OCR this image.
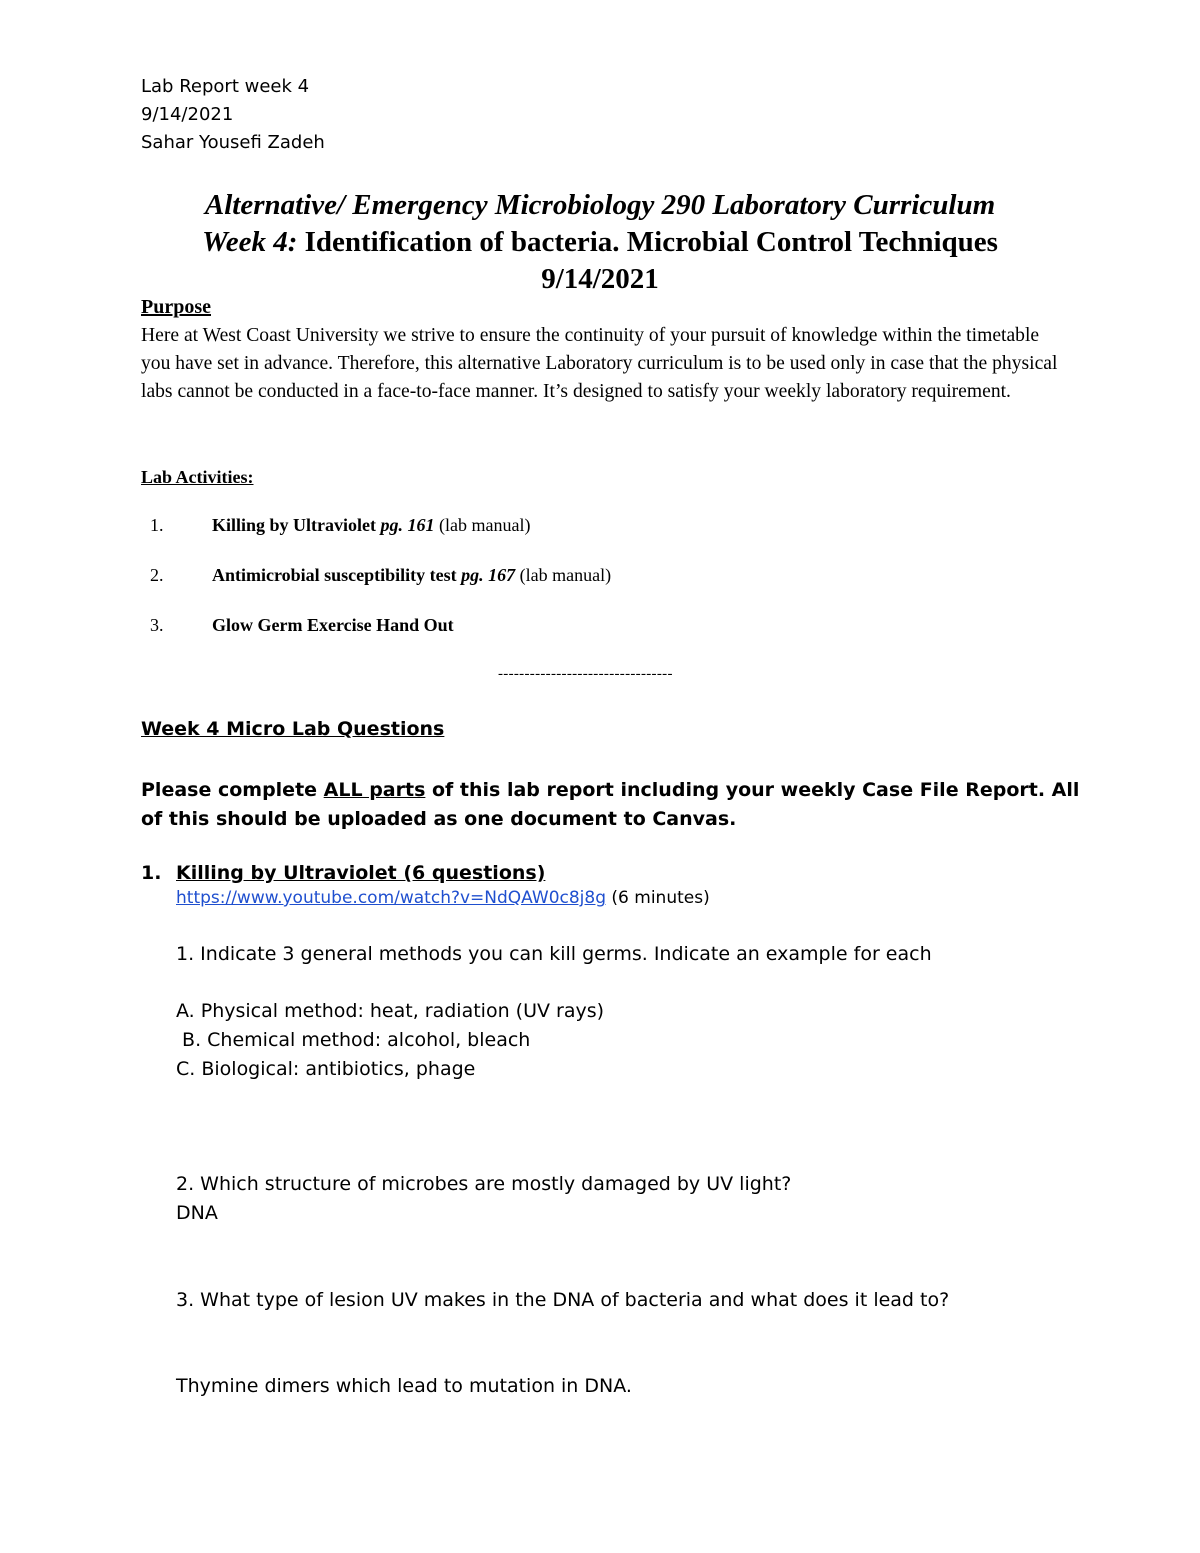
Lab Report week 4
9/14/2021
Sahar Yousefi Zadeh
Alternative/ Emergency Microbiology 290 Laboratory Curriculum
Week 4: Identification of bacteria. Microbial Control Techniques
9/14/2021
Purpose
Here at West Coast University we strive to ensure the continuity of your pursuit of knowledge within the timetable you have set in advance. Therefore, this alternative Laboratory curriculum is to be used only in case that the physical labs cannot be conducted in a face-to-face manner. It’s designed to satisfy your weekly laboratory requirement.
Lab Activities:
1.	Killing by Ultraviolet pg. 161 (lab manual)
2.	Antimicrobial susceptibility test pg. 167 (lab manual)
3.	Glow Germ Exercise Hand Out
---------------------------------
Week 4 Micro Lab Questions
Please complete ALL parts of this lab report including your weekly Case File Report. All of this should be uploaded as one document to Canvas.
1. Killing by Ultraviolet (6 questions)
https://www.youtube.com/watch?v=NdQAW0c8j8g (6 minutes)
1. Indicate 3 general methods you can kill germs. Indicate an example for each
A. Physical method: heat, radiation (UV rays)
B. Chemical method: alcohol, bleach
C. Biological: antibiotics, phage
2. Which structure of microbes are mostly damaged by UV light?
DNA
3. What type of lesion UV makes in the DNA of bacteria and what does it lead to?
Thymine dimers which lead to mutation in DNA.
